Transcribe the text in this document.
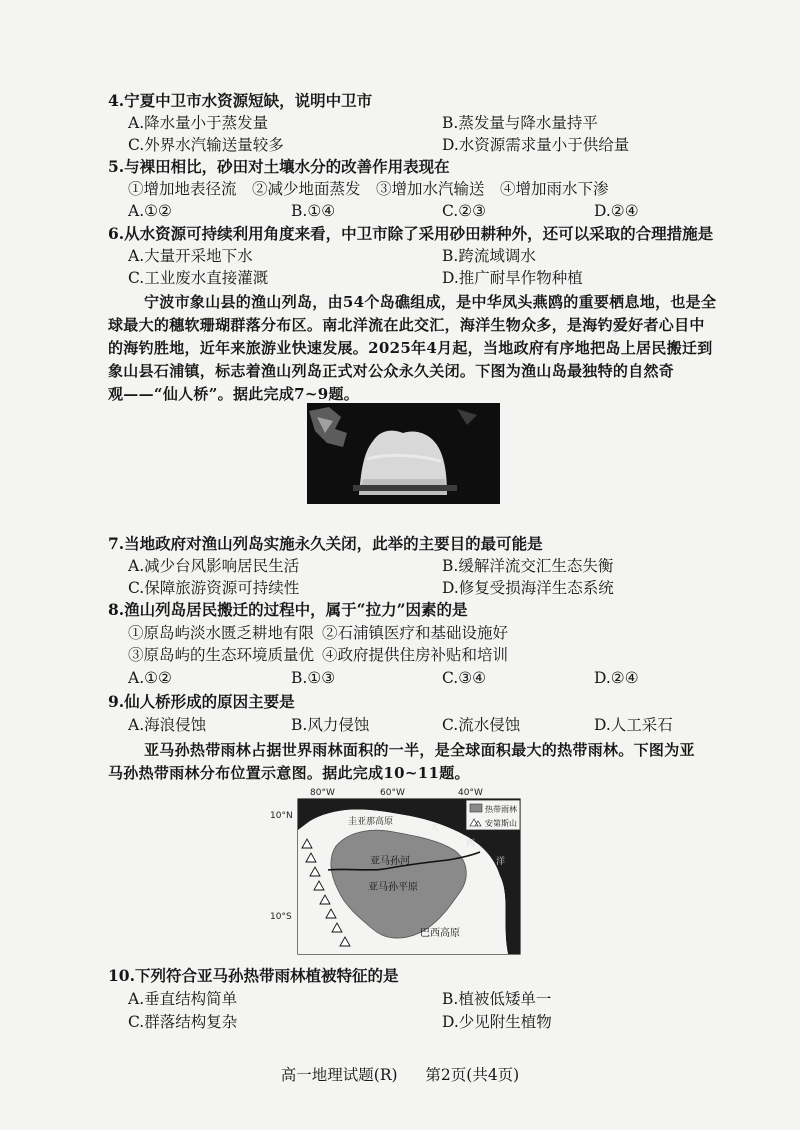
4.宁夏中卫市水资源短缺，说明中卫市
A.降水量小于蒸发量	B.蒸发量与降水量持平
C.外界水汽输送量较多	D.水资源需求量小于供给量
5.与裸田相比，砂田对土壤水分的改善作用表现在
①增加地表径流　②减少地面蒸发　③增加水汽输送　④增加雨水下渗
A.①②	B.①④	C.②③	D.②④
6.从水资源可持续利用角度来看，中卫市除了采用砂田耕种外，还可以采取的合理措施是
A.大量开采地下水	B.跨流域调水
C.工业废水直接灌溉	D.推广耐旱作物种植
宁波市象山县的渔山列岛，由54个岛礁组成，是中华凤头燕鸥的重要栖息地，也是全
球最大的穗软珊瑚群落分布区。南北洋流在此交汇，海洋生物众多，是海钓爱好者心目中
的海钓胜地，近年来旅游业快速发展。2025年4月起，当地政府有序地把岛上居民搬迁到
象山县石浦镇，标志着渔山列岛正式对公众永久关闭。下图为渔山岛最独特的自然奇
观——“仙人桥”。据此完成7~9题。
7.当地政府对渔山列岛实施永久关闭，此举的主要目的最可能是
A.减少台风影响居民生活	B.缓解洋流交汇生态失衡
C.保障旅游资源可持续性	D.修复受损海洋生态系统
8.渔山列岛居民搬迁的过程中，属于“拉力”因素的是
①原岛屿淡水匮乏耕地有限 ②石浦镇医疗和基础设施好
③原岛屿的生态环境质量优 ④政府提供住房补贴和培训
A.①②	B.①③	C.③④	D.②④
9.仙人桥形成的原因主要是
A.海浪侵蚀	B.风力侵蚀	C.流水侵蚀	D.人工采石
亚马孙热带雨林占据世界雨林面积的一半，是全球面积最大的热带雨林。下图为亚
马孙热带雨林分布位置示意图。据此完成10~11题。
80°W	60°W	40°W
10°N
10°S
圭亚那高原
亚马孙河
亚马孙平原
巴西高原
大
西
洋
热带雨林
安第斯山
10.下列符合亚马孙热带雨林植被特征的是
A.垂直结构简单	B.植被低矮单一
C.群落结构复杂	D.少见附生植物
高一地理试题(R) 第2页(共4页)
